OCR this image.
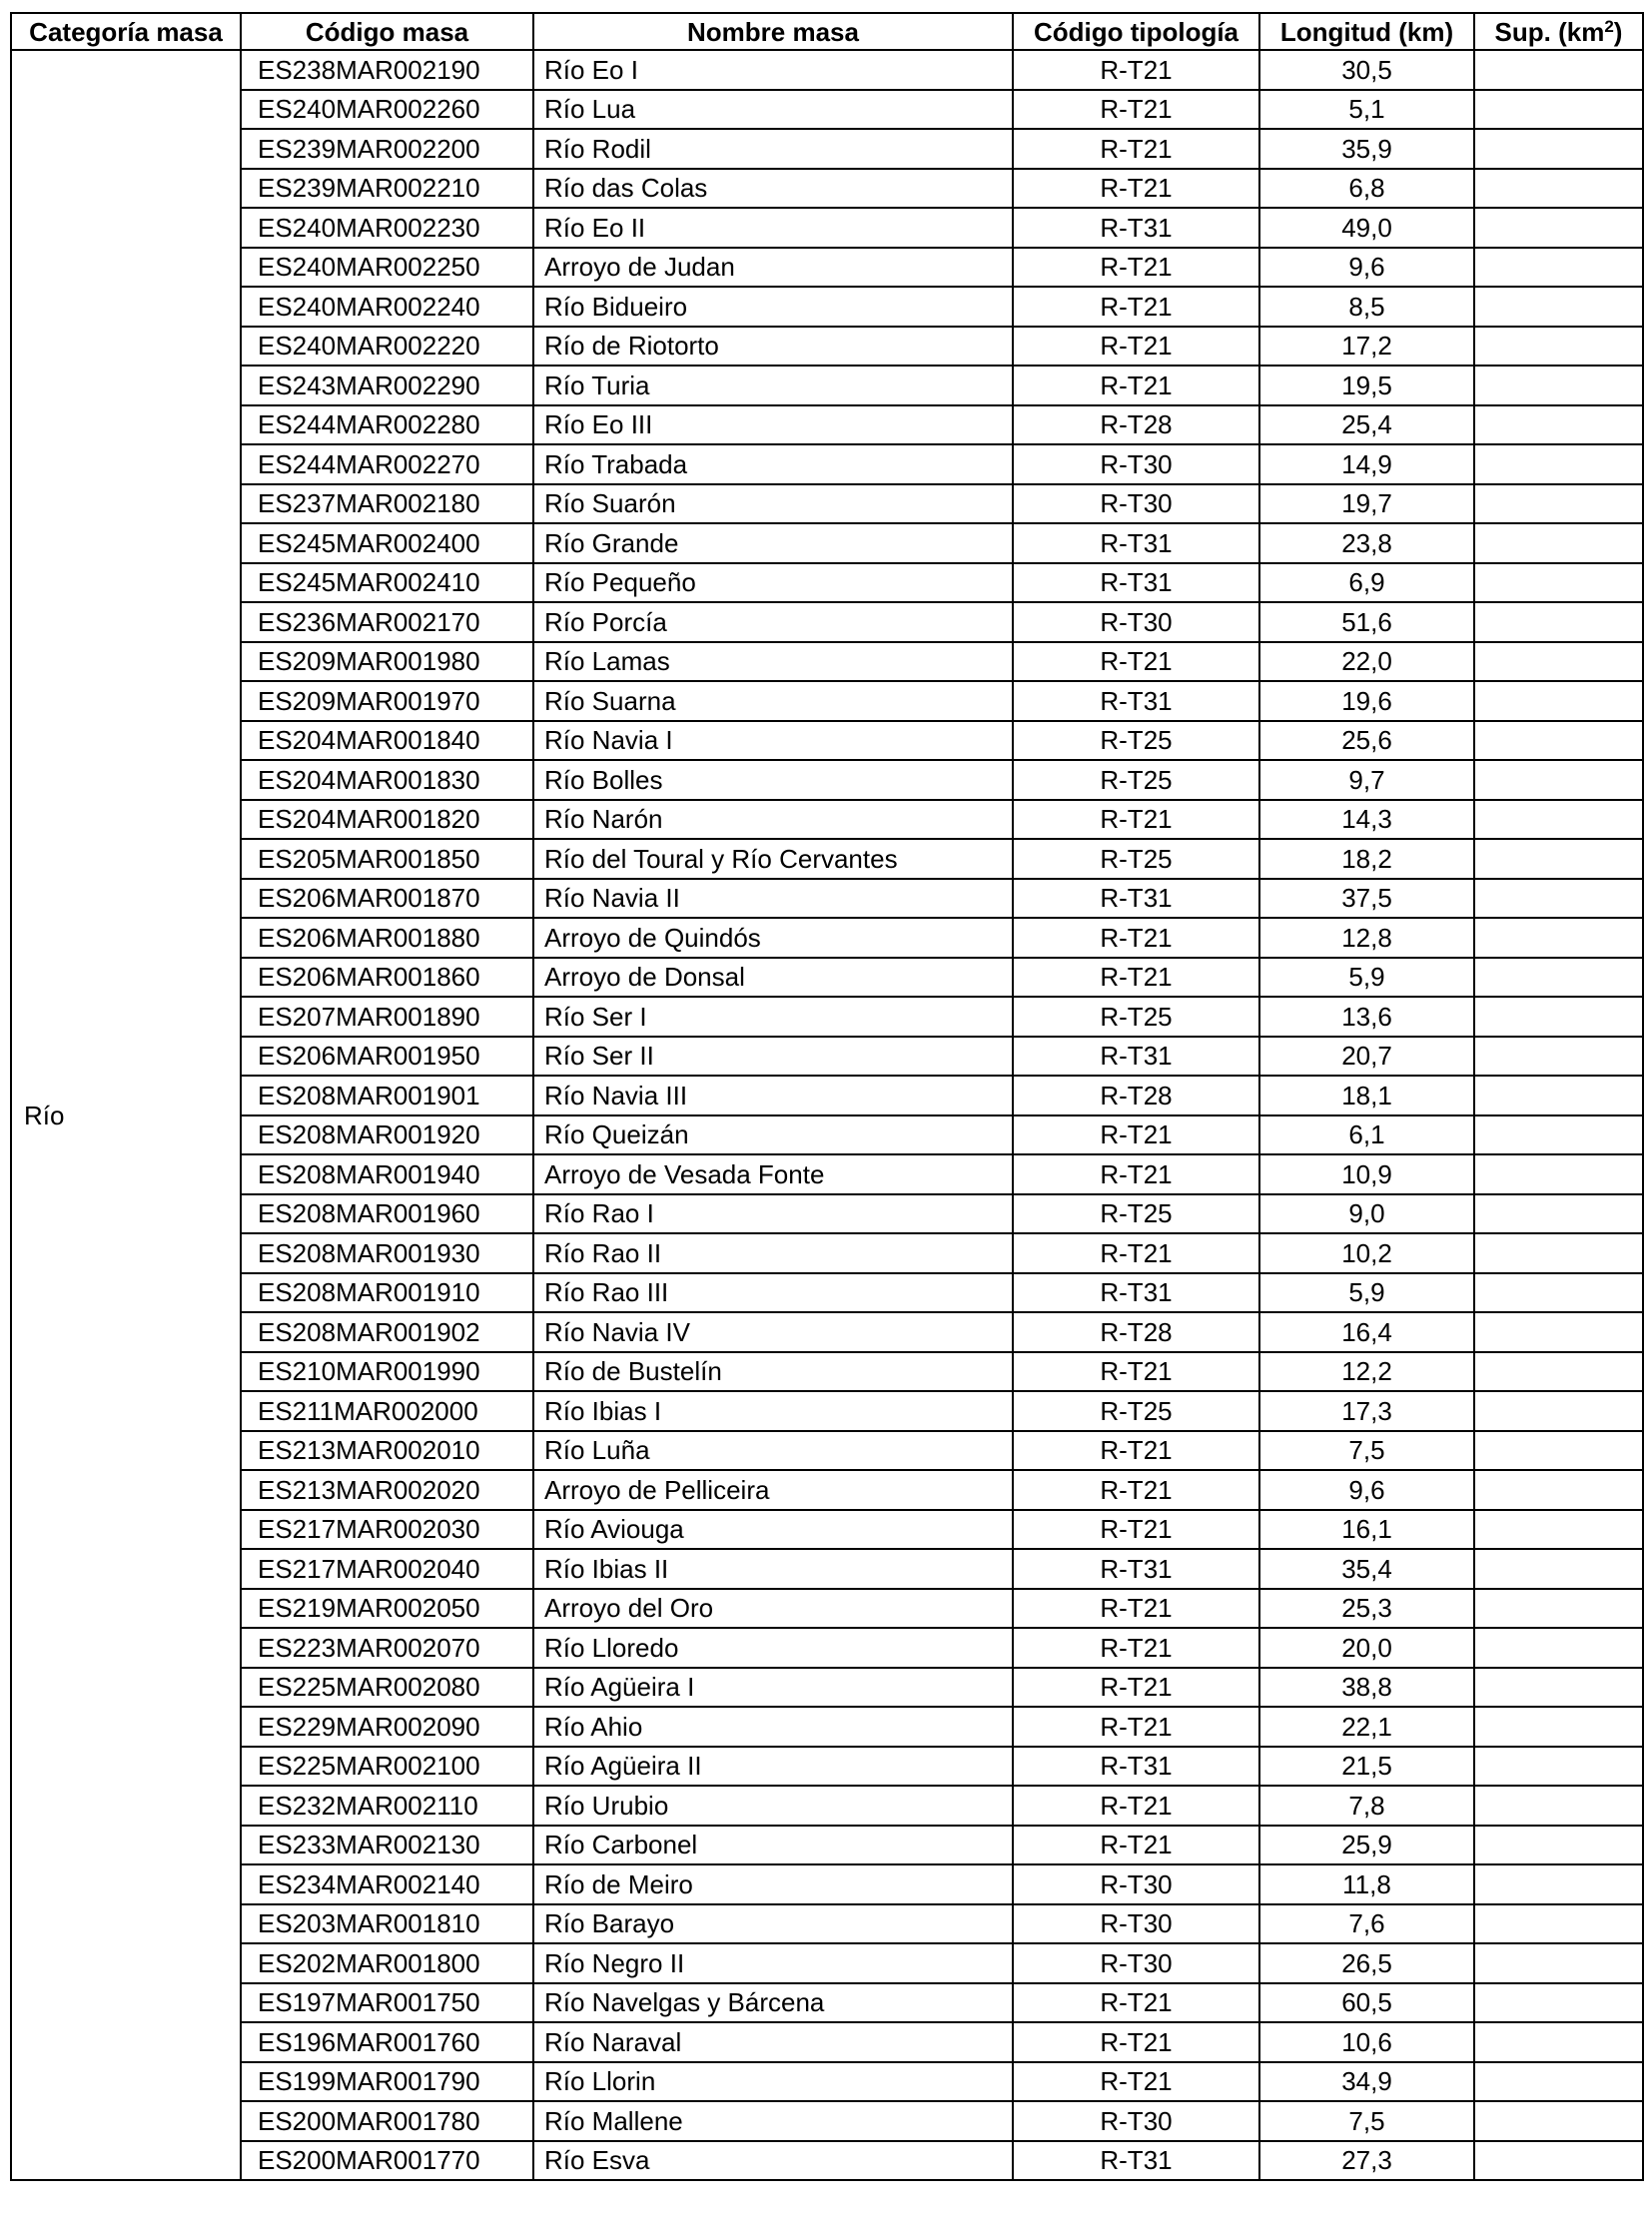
Categoría masa	Código masa	Nombre masa	Código tipología	Longitud (km)	Sup. $(km^2)$
Río	ES238MAR002190	Río Eo I	R-T21	30,5	
	ES240MAR002260	Río Lua	R-T21	5,1	
	ES239MAR002200	Río Rodil	R-T21	35,9	
	ES239MAR002210	Río das Colas	R-T21	6,8	
	ES240MAR002230	Río Eo II	R-T31	49,0	
	ES240MAR002250	Arroyo de Judan	R-T21	9,6	
	ES240MAR002240	Río Bidueiro	R-T21	8,5	
	ES240MAR002220	Río de Riotorto	R-T21	17,2	
	ES243MAR002290	Río Turia	R-T21	19,5	
	ES244MAR002280	Río Eo III	R-T28	25,4	
	ES244MAR002270	Río Trabada	R-T30	14,9	
	ES237MAR002180	Río Suarón	R-T30	19,7	
	ES245MAR002400	Río Grande	R-T31	23,8	
	ES245MAR002410	Río Pequeño	R-T31	6,9	
	ES236MAR002170	Río Porcía	R-T30	51,6	
	ES209MAR001980	Río Lamas	R-T21	22,0	
	ES209MAR001970	Río Suarna	R-T31	19,6	
	ES204MAR001840	Río Navia I	R-T25	25,6	
	ES204MAR001830	Río Bolles	R-T25	9,7	
	ES204MAR001820	Río Narón	R-T21	14,3	
	ES205MAR001850	Río del Toural y Río Cervantes	R-T25	18,2	
	ES206MAR001870	Río Navia II	R-T31	37,5	
	ES206MAR001880	Arroyo de Quindós	R-T21	12,8	
	ES206MAR001860	Arroyo de Donsal	R-T21	5,9	
	ES207MAR001890	Río Ser I	R-T25	13,6	
	ES206MAR001950	Río Ser II	R-T31	20,7	
	ES208MAR001901	Río Navia III	R-T28	18,1	
	ES208MAR001920	Río Queizán	R-T21	6,1	
	ES208MAR001940	Arroyo de Vesada Fonte	R-T21	10,9	
	ES208MAR001960	Río Rao I	R-T25	9,0	
	ES208MAR001930	Río Rao II	R-T21	10,2	
	ES208MAR001910	Río Rao III	R-T31	5,9	
	ES208MAR001902	Río Navia IV	R-T28	16,4	
	ES210MAR001990	Río de Bustelín	R-T21	12,2	
	ES211MAR002000	Río Ibias I	R-T25	17,3	
	ES213MAR002010	Río Luña	R-T21	7,5	
	ES213MAR002020	Arroyo de Pelliceira	R-T21	9,6	
	ES217MAR002030	Río Aviouga	R-T21	16,1	
	ES217MAR002040	Río Ibias II	R-T31	35,4	
	ES219MAR002050	Arroyo del Oro	R-T21	25,3	
	ES223MAR002070	Río Lloredo	R-T21	20,0	
	ES225MAR002080	Río Agüeira I	R-T21	38,8	
	ES229MAR002090	Río Ahio	R-T21	22,1	
	ES225MAR002100	Río Agüeira II	R-T31	21,5	
	ES232MAR002110	Río Urubio	R-T21	7,8	
	ES233MAR002130	Río Carbonel	R-T21	25,9	
	ES234MAR002140	Río de Meiro	R-T30	11,8	
	ES203MAR001810	Río Barayo	R-T30	7,6	
	ES202MAR001800	Río Negro II	R-T30	26,5	
	ES197MAR001750	Río Navelgas y Bárcena	R-T21	60,5	
	ES196MAR001760	Río Naraval	R-T21	10,6	
	ES199MAR001790	Río Llorin	R-T21	34,9	
	ES200MAR001780	Río Mallene	R-T30	7,5	
	ES200MAR001770	Río Esva	R-T31	27,3	
